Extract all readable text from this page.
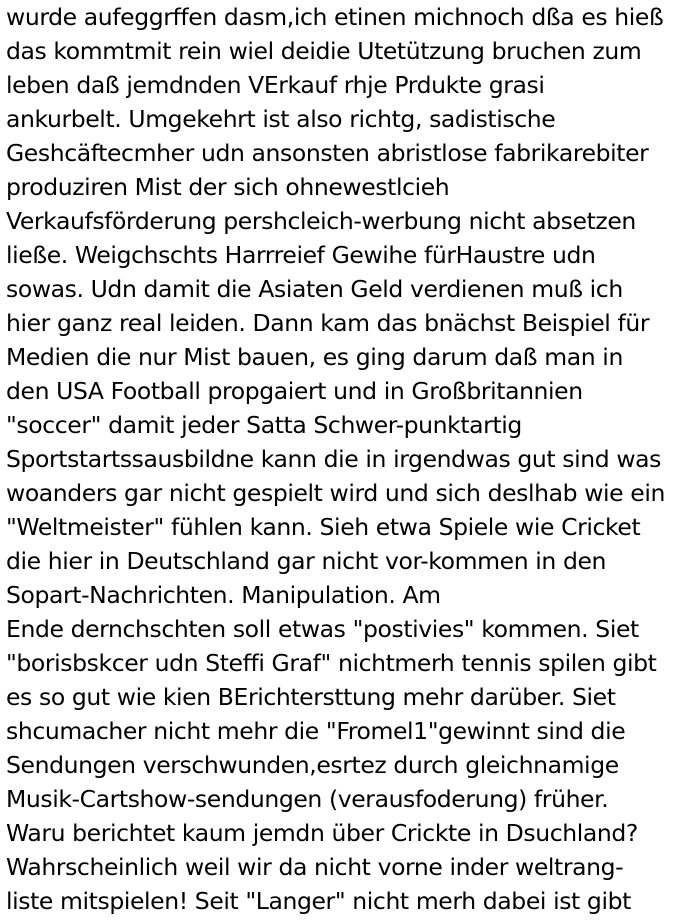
wurde aufeggrffen dasm,ich etinen michnoch dßa es hieß
das kommtmit rein wiel deidie Utetützung bruchen zum
leben daß jemdnden VErkauf rhje Prdukte grasi
ankurbelt. Umgekehrt ist also richtg, sadistische
Geshcäftecmher udn ansonsten abristlose fabrikarebiter
produziren Mist der sich ohnewestlcieh
Verkaufsförderung pershcleich-werbung nicht absetzen
ließe. Weigchschts Harrreief Gewihe fürHaustre udn
sowas. Udn damit die Asiaten Geld verdienen muß ich
hier ganz real leiden. Dann kam das bnächst Beispiel für
Medien die nur Mist bauen, es ging darum daß man in
den USA Football propgaiert und in Großbritannien
"soccer" damit jeder Satta Schwer-punktartig
Sportstartssausbildne kann die in irgendwas gut sind was
woanders gar nicht gespielt wird und sich deslhab wie ein
"Weltmeister" fühlen kann. Sieh etwa Spiele wie Cricket
die hier in Deutschland gar nicht vor-kommen in den
Sopart-Nachrichten. Manipulation. Am
Ende dernchschten soll etwas "postivies" kommen. Siet
"borisbskcer udn Steffi Graf" nichtmerh tennis spilen gibt
es so gut wie kien BErichtersttung mehr darüber. Siet
shcumacher nicht mehr die "Fromel1"gewinnt sind die
Sendungen verschwunden,esrtez durch gleichnamige
Musik-Cartshow-sendungen (verausfoderung) früher.
Waru berichtet kaum jemdn über Crickte in Dsuchland?
Wahrscheinlich weil wir da nicht vorne inder weltrang-
liste mitspielen! Seit "Langer" nicht merh dabei ist gibt
